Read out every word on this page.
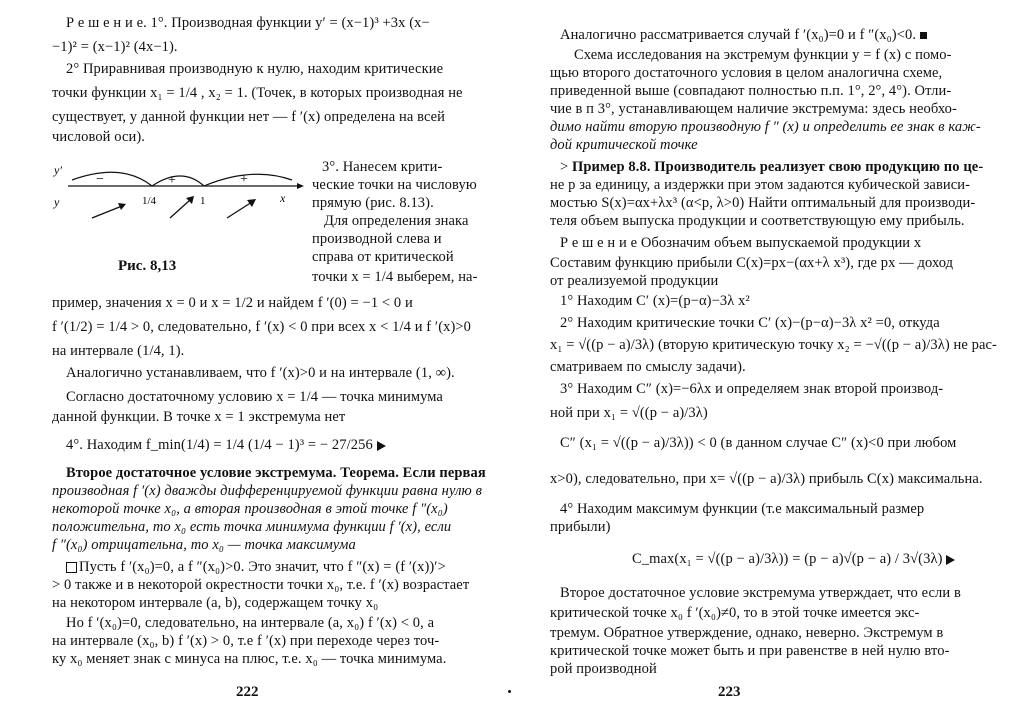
Р е ш е н и е. 1°. Производная функции y′ = (x−1)³ +3x (x−
−1)² = (x−1)² (4x−1).
2° Приравнивая производную к нулю, находим критические
точки функции x₁ = 1/4 , x₂ = 1. (Точек, в которых производная не
существует, у данной функции нет — f ′(x) определена на всей
числовой оси).
y′
y	x
−	+	+
1/4	1
Рис. 8,13
3°. Нанесем крити-
ческие точки на числовую
прямую (рис. 8.13).
Для определения знака
производной слева и
справа от критической
точки x = 1/4 выберем, на-
пример, значения x = 0 и x = 1/2 и найдем f ′(0) = −1 < 0 и
f ′(1/2) = 1/4 > 0, следовательно, f ′(x) < 0 при всех x < 1/4 и f ′(x)>0
на интервале (1/4, 1).
Аналогично устанавливаем, что f ′(x)>0 и на интервале (1, ∞).
Согласно достаточному условию x = 1/4 — точка минимума
данной функции. В точке x = 1 экстремума нет
4°. Находим f_min(1/4) = 1/4 (1/4 − 1)³ = − 27/256
Второе достаточное условие экстремума. Теорема. Если первая
производная f ′(x) дважды дифференцируемой функции равна нулю в
некоторой точке x₀, а вторая производная в этой точке f ″(x₀)
положительна, то x₀ есть точка минимума функции f ′(x), если
f ″(x₀) отрицательна, то x₀ — точка максимума
Пусть f ′(x₀)=0, а f ″(x₀)>0. Это значит, что f ″(x) = (f ′(x))′>
> 0 также и в некоторой окрестности точки x₀, т.е. f ′(x) возрастает
на некотором интервале (a, b), содержащем точку x₀
Но f ′(x₀)=0, следовательно, на интервале (a, x₀) f ′(x) < 0, а
на интервале (x₀, b) f ′(x) > 0, т.е f ′(x) при переходе через точ-
ку x₀ меняет знак с минуса на плюс, т.е. x₀ — точка минимума.
222
Аналогично рассматривается случай f ′(x₀)=0 и f ″(x₀)<0.
Схема исследования на экстремум функции y = f (x) с помо-
щью второго достаточного условия в целом аналогична схеме,
приведенной выше (совпадают полностью п.п. 1°, 2°, 4°). Отли-
чие в п 3°, устанавливающем наличие экстремума: здесь необхо-
димо найти вторую производную f ″ (x) и определить ее знак в каж-
дой критической точке
> Пример 8.8. Производитель реализует свою продукцию по це-
не p за единицу, а издержки при этом задаются кубической зависи-
мостью S(x)=αx+λx³ (α<p, λ>0) Найти оптимальный для производи-
теля объем выпуска продукции и соответствующую ему прибыль.
Р е ш е н и е Обозначим объем выпускаемой продукции x
Составим функцию прибыли C(x)=px−(αx+λ x³), где px — доход
от реализуемой продукции
1° Находим C′ (x)=(p−α)−3λ x²
2° Находим критические точки C′ (x)−(p−α)−3λ x² =0, откуда
x₁ = √((p − a)/3λ) (вторую критическую точку x₂ = −√((p − a)/3λ) не рас-
сматриваем по смыслу задачи).
3° Находим C″ (x)=−6λx и определяем знак второй производ-
ной при x₁ = √((p − a)/3λ)
C″ (x₁ = √((p − a)/3λ)) < 0 (в данном случае C″ (x)<0 при любом
x>0), следовательно, при x= √((p − a)/3λ) прибыль C(x) максимальна.
4° Находим максимум функции (т.е максимальный размер
прибыли)
C_max(x₁ = √((p − a)/3λ)) = (p − a)√(p − a) / 3√(3λ)
Второе достаточное условие экстремума утверждает, что если в
критической точке x₀ f ′(x₀)≠0, то в этой точке имеется экс-
тремум. Обратное утверждение, однако, неверно. Экстремум в
критической точке может быть и при равенстве в ней нулю вто-
рой производной
223
